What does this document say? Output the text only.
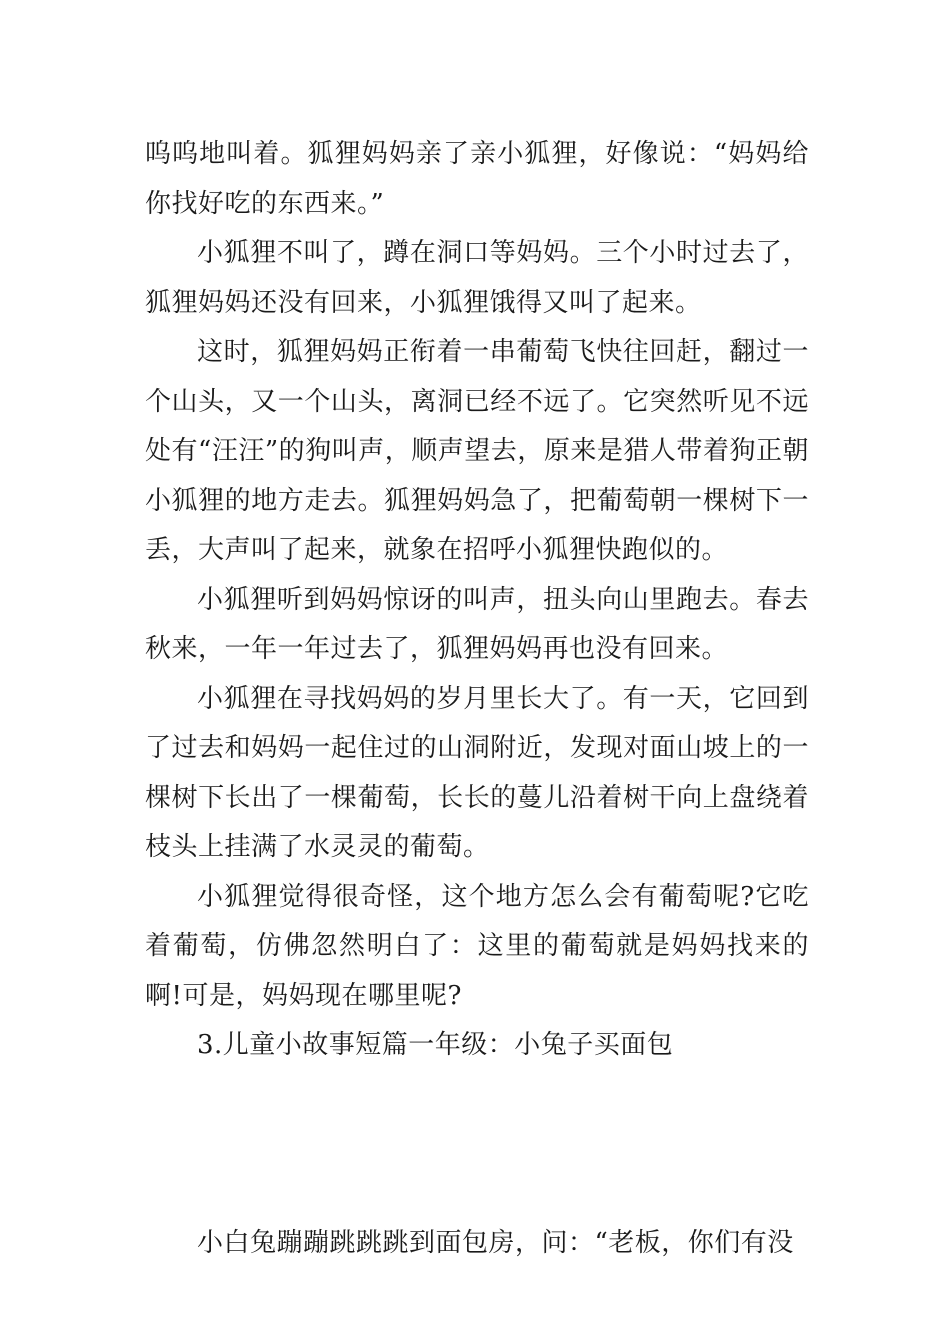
呜呜地叫着。狐狸妈妈亲了亲小狐狸，好像说：“妈妈给你找好吃的东西来。”

小狐狸不叫了，蹲在洞口等妈妈。三个小时过去了，狐狸妈妈还没有回来，小狐狸饿得又叫了起来。

这时，狐狸妈妈正衔着一串葡萄飞快往回赶，翻过一个山头，又一个山头，离洞已经不远了。它突然听见不远处有“汪汪”的狗叫声，顺声望去，原来是猎人带着狗正朝小狐狸的地方走去。狐狸妈妈急了，把葡萄朝一棵树下一丢，大声叫了起来，就象在招呼小狐狸快跑似的。

小狐狸听到妈妈惊讶的叫声，扭头向山里跑去。春去秋来，一年一年过去了，狐狸妈妈再也没有回来。

小狐狸在寻找妈妈的岁月里长大了。有一天，它回到了过去和妈妈一起住过的山洞附近，发现对面山坡上的一棵树下长出了一棵葡萄，长长的蔓儿沿着树干向上盘绕着枝头上挂满了水灵灵的葡萄。

小狐狸觉得很奇怪，这个地方怎么会有葡萄呢?它吃着葡萄，仿佛忽然明白了：这里的葡萄就是妈妈找来的啊!可是，妈妈现在哪里呢?

3.儿童小故事短篇一年级：小兔子买面包

小白兔蹦蹦跳跳跳到面包房，问：“老板，你们有没
